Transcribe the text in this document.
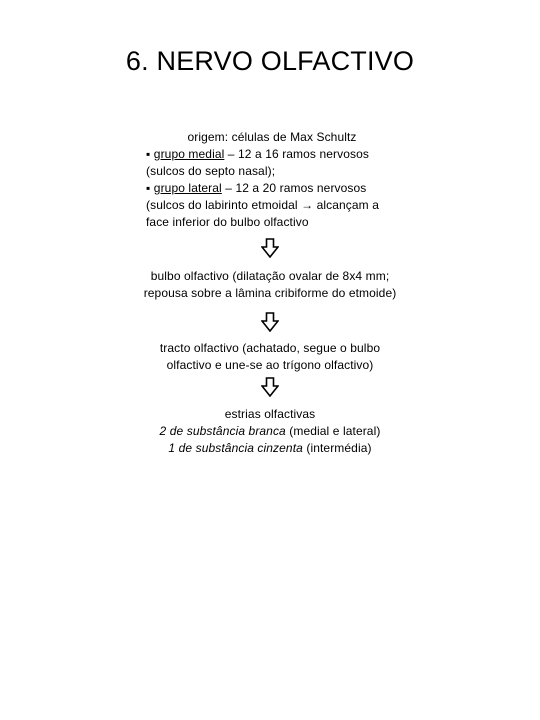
6. NERVO OLFACTIVO
origem: células de Max Schultz
▪ grupo medial – 12 a 16 ramos nervosos
(sulcos do septo nasal);
▪ grupo lateral – 12 a 20 ramos nervosos
(sulcos do labirinto etmoidal → alcançam a
face inferior do bulbo olfactivo
bulbo olfactivo (dilatação ovalar de 8x4 mm;
repousa sobre a lâmina cribiforme do etmoide)
tracto olfactivo (achatado, segue o bulbo
olfactivo e une-se ao trígono olfactivo)
estrias olfactivas
2 de substância branca (medial e lateral)
1 de substância cinzenta (intermédia)
